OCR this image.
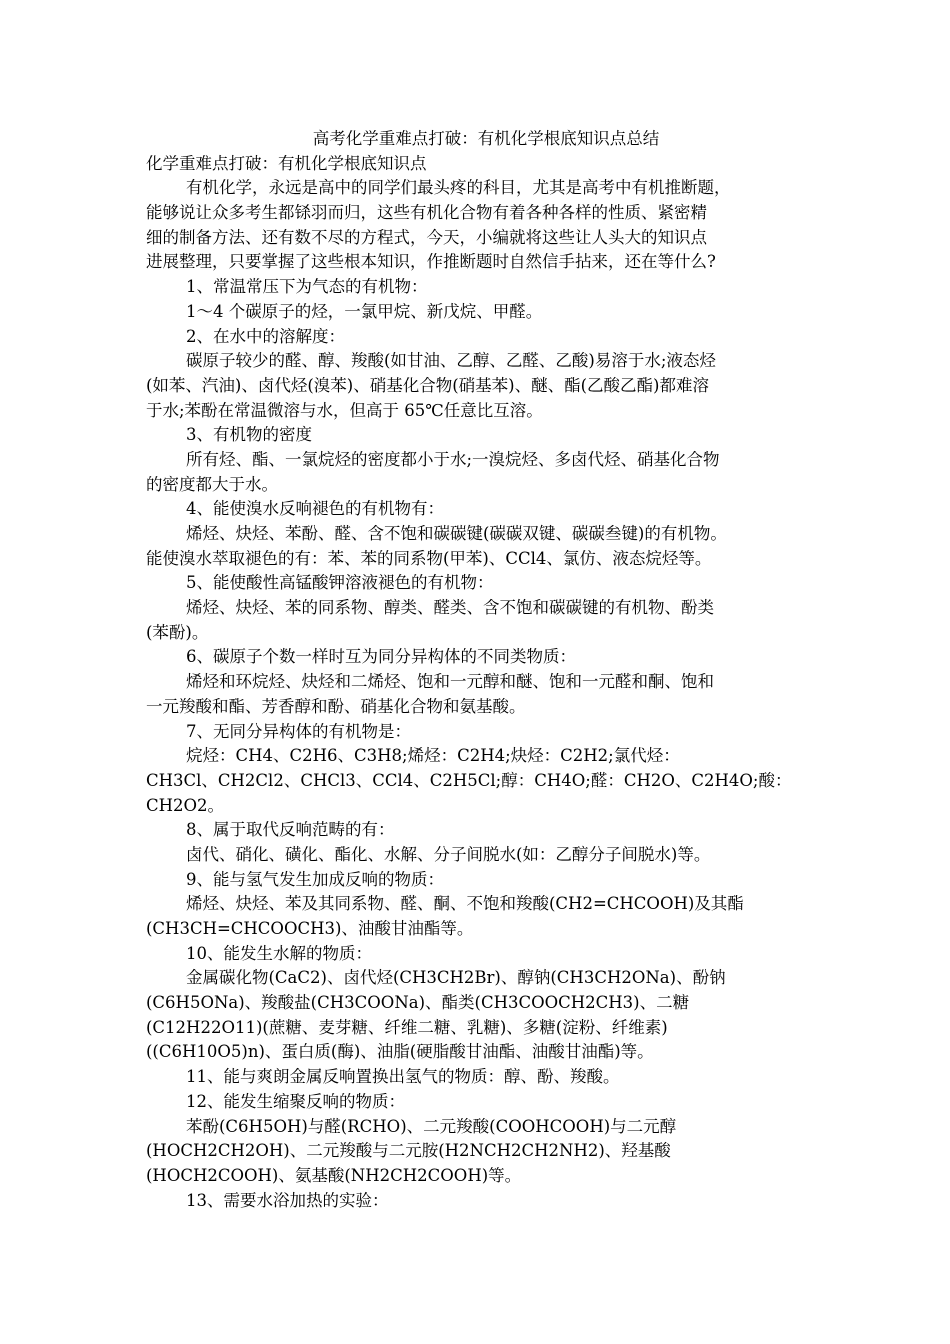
高考化学重难点打破：有机化学根底知识点总结
化学重难点打破：有机化学根底知识点
有机化学，永远是高中的同学们最头疼的科目，尤其是高考中有机推断题，
能够说让众多考生都铩羽而归，这些有机化合物有着各种各样的性质、紧密精
细的制备方法、还有数不尽的方程式，今天，小编就将这些让人头大的知识点
进展整理，只要掌握了这些根本知识，作推断题时自然信手拈来，还在等什么?
1、常温常压下为气态的有机物：
1～4 个碳原子的烃，一氯甲烷、新戊烷、甲醛。
2、在水中的溶解度：
碳原子较少的醛、醇、羧酸(如甘油、乙醇、乙醛、乙酸)易溶于水;液态烃
(如苯、汽油)、卤代烃(溴苯)、硝基化合物(硝基苯)、醚、酯(乙酸乙酯)都难溶
于水;苯酚在常温微溶与水，但高于 65℃任意比互溶。
3、有机物的密度
所有烃、酯、一氯烷烃的密度都小于水;一溴烷烃、多卤代烃、硝基化合物
的密度都大于水。
4、能使溴水反响褪色的有机物有：
烯烃、炔烃、苯酚、醛、含不饱和碳碳键(碳碳双键、碳碳叁键)的有机物。
能使溴水萃取褪色的有：苯、苯的同系物(甲苯)、CCl4、氯仿、液态烷烃等。
5、能使酸性高锰酸钾溶液褪色的有机物：
烯烃、炔烃、苯的同系物、醇类、醛类、含不饱和碳碳键的有机物、酚类
(苯酚)。
6、碳原子个数一样时互为同分异构体的不同类物质：
烯烃和环烷烃、炔烃和二烯烃、饱和一元醇和醚、饱和一元醛和酮、饱和
一元羧酸和酯、芳香醇和酚、硝基化合物和氨基酸。
7、无同分异构体的有机物是：
烷烃：CH4、C2H6、C3H8;烯烃：C2H4;炔烃：C2H2;氯代烃：
CH3Cl、CH2Cl2、CHCl3、CCl4、C2H5Cl;醇：CH4O;醛：CH2O、C2H4O;酸：
CH2O2。
8、属于取代反响范畴的有：
卤代、硝化、磺化、酯化、水解、分子间脱水(如：乙醇分子间脱水)等。
9、能与氢气发生加成反响的物质：
烯烃、炔烃、苯及其同系物、醛、酮、不饱和羧酸(CH2=CHCOOH)及其酯
(CH3CH=CHCOOCH3)、油酸甘油酯等。
10、能发生水解的物质：
金属碳化物(CaC2)、卤代烃(CH3CH2Br)、醇钠(CH3CH2ONa)、酚钠
(C6H5ONa)、羧酸盐(CH3COONa)、酯类(CH3COOCH2CH3)、二糖
(C12H22O11)(蔗糖、麦芽糖、纤维二糖、乳糖)、多糖(淀粉、纤维素)
((C6H10O5)n)、蛋白质(酶)、油脂(硬脂酸甘油酯、油酸甘油酯)等。
11、能与爽朗金属反响置换出氢气的物质：醇、酚、羧酸。
12、能发生缩聚反响的物质：
苯酚(C6H5OH)与醛(RCHO)、二元羧酸(COOHCOOH)与二元醇
(HOCH2CH2OH)、二元羧酸与二元胺(H2NCH2CH2NH2)、羟基酸
(HOCH2COOH)、氨基酸(NH2CH2COOH)等。
13、需要水浴加热的实验：
